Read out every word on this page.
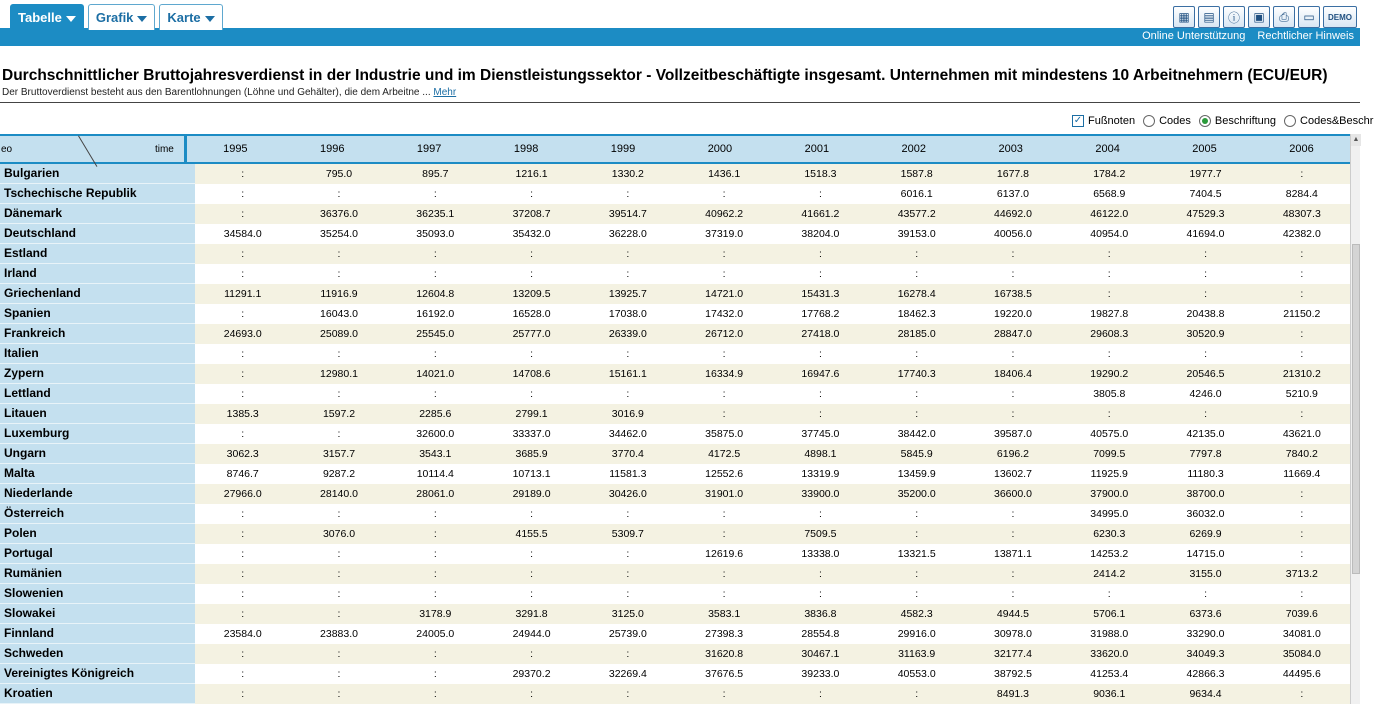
Tabelle	Grafik	Karte	▦	▤	ⓘ	▣	⎙	▭	DEMO
Online Unterstützung Rechtlicher Hinweis
Durchschnittlicher Bruttojahresverdienst in der Industrie und im Dienstleistungssektor - Vollzeitbeschäftigte insgesamt. Unternehmen mit mindestens 10 Arbeitnehmern (ECU/EUR)
Der Bruttoverdienst besteht aus den Barentlohnungen (Löhne und Gehälter), die dem Arbeitne ... Mehr
✓ Fußnoten Codes Beschriftung Codes&Beschr
eo	time	1995	1996	1997	1998	1999	2000	2001	2002	2003	2004	2005	2006
Bulgarien	:	795.0	895.7	1216.1	1330.2	1436.1	1518.3	1587.8	1677.8	1784.2	1977.7	:
Tschechische Republik	:	:	:	:	:	:	:	6016.1	6137.0	6568.9	7404.5	8284.4
Dänemark	:	36376.0	36235.1	37208.7	39514.7	40962.2	41661.2	43577.2	44692.0	46122.0	47529.3	48307.3
Deutschland	34584.0	35254.0	35093.0	35432.0	36228.0	37319.0	38204.0	39153.0	40056.0	40954.0	41694.0	42382.0
Estland	:	:	:	:	:	:	:	:	:	:	:	:
Irland	:	:	:	:	:	:	:	:	:	:	:	:
Griechenland	11291.1	11916.9	12604.8	13209.5	13925.7	14721.0	15431.3	16278.4	16738.5	:	:	:
Spanien	:	16043.0	16192.0	16528.0	17038.0	17432.0	17768.2	18462.3	19220.0	19827.8	20438.8	21150.2
Frankreich	24693.0	25089.0	25545.0	25777.0	26339.0	26712.0	27418.0	28185.0	28847.0	29608.3	30520.9	:
Italien	:	:	:	:	:	:	:	:	:	:	:	:
Zypern	:	12980.1	14021.0	14708.6	15161.1	16334.9	16947.6	17740.3	18406.4	19290.2	20546.5	21310.2
Lettland	:	:	:	:	:	:	:	:	:	3805.8	4246.0	5210.9
Litauen	1385.3	1597.2	2285.6	2799.1	3016.9	:	:	:	:	:	:	:
Luxemburg	:	:	32600.0	33337.0	34462.0	35875.0	37745.0	38442.0	39587.0	40575.0	42135.0	43621.0
Ungarn	3062.3	3157.7	3543.1	3685.9	3770.4	4172.5	4898.1	5845.9	6196.2	7099.5	7797.8	7840.2
Malta	8746.7	9287.2	10114.4	10713.1	11581.3	12552.6	13319.9	13459.9	13602.7	11925.9	11180.3	11669.4
Niederlande	27966.0	28140.0	28061.0	29189.0	30426.0	31901.0	33900.0	35200.0	36600.0	37900.0	38700.0	:
Österreich	:	:	:	:	:	:	:	:	:	34995.0	36032.0	:
Polen	:	3076.0	:	4155.5	5309.7	:	7509.5	:	:	6230.3	6269.9	:
Portugal	:	:	:	:	:	12619.6	13338.0	13321.5	13871.1	14253.2	14715.0	:
Rumänien	:	:	:	:	:	:	:	:	:	2414.2	3155.0	3713.2
Slowenien	:	:	:	:	:	:	:	:	:	:	:	:
Slowakei	:	:	3178.9	3291.8	3125.0	3583.1	3836.8	4582.3	4944.5	5706.1	6373.6	7039.6
Finnland	23584.0	23883.0	24005.0	24944.0	25739.0	27398.3	28554.8	29916.0	30978.0	31988.0	33290.0	34081.0
Schweden	:	:	:	:	:	31620.8	30467.1	31163.9	32177.4	33620.0	34049.3	35084.0
Vereinigtes Königreich	:	:	:	29370.2	32269.4	37676.5	39233.0	40553.0	38792.5	41253.4	42866.3	44495.6
Kroatien	:	:	:	:	:	:	:	:	8491.3	9036.1	9634.4	:
▲
